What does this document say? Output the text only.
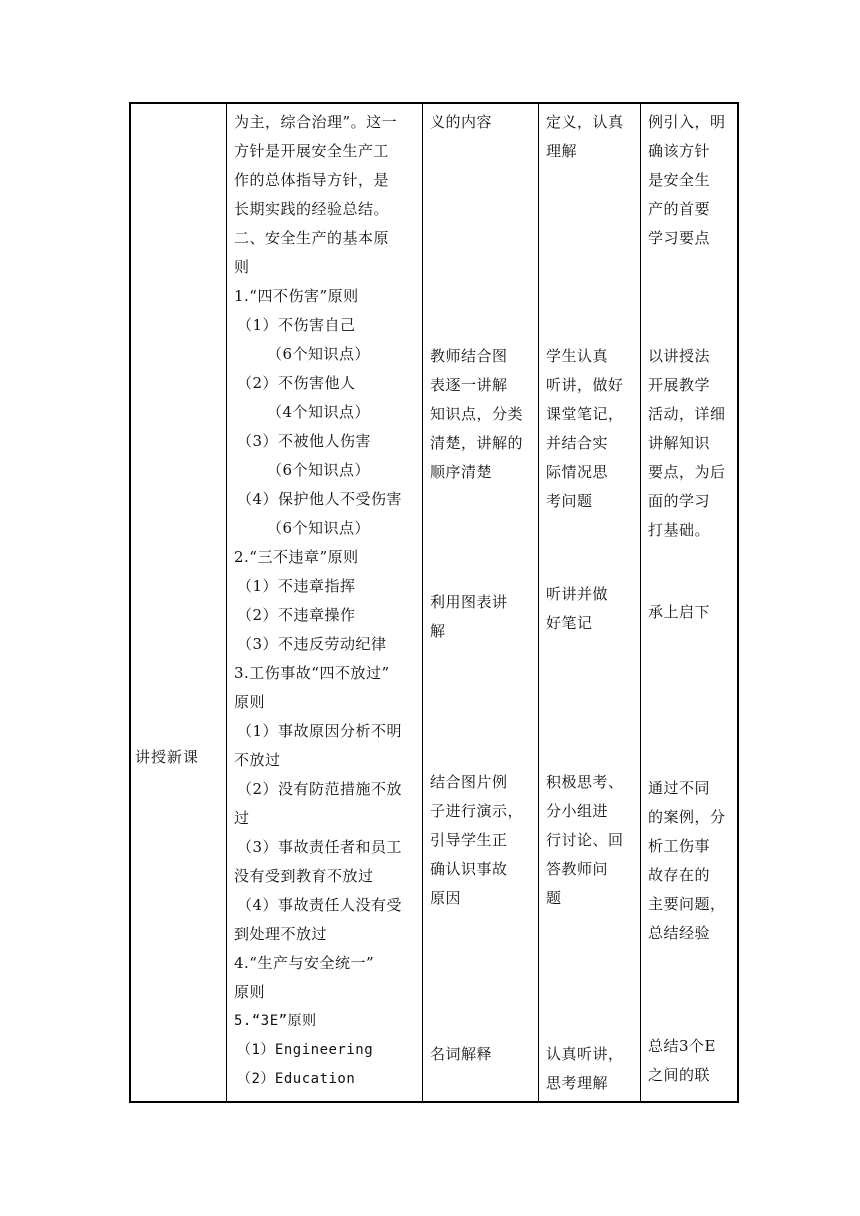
讲授新课
为主，综合治理”。这一
方针是开展安全生产工
作的总体指导方针，是
长期实践的经验总结。
二、安全生产的基本原
则
1.“四不伤害”原则
（1）不伤害自己
（6个知识点）
（2）不伤害他人
（4个知识点）
（3）不被他人伤害
（6个知识点）
（4）保护他人不受伤害
（6个知识点）
2.“三不违章”原则
（1）不违章指挥
（2）不违章操作
（3）不违反劳动纪律
3.工伤事故“四不放过”
原则
（1）事故原因分析不明
不放过
（2）没有防范措施不放
过
（3）事故责任者和员工
没有受到教育不放过
（4）事故责任人没有受
到处理不放过
4.“生产与安全统一”
原则
5.“3E”原则
（1）Engineering
（2）Education
义的内容
教师结合图
表逐一讲解
知识点，分类
清楚，讲解的
顺序清楚
利用图表讲
解
结合图片例
子进行演示，
引导学生正
确认识事故
原因
名词解释
定义，认真
理解
学生认真
听讲，做好
课堂笔记，
并结合实
际情况思
考问题
听讲并做
好笔记
积极思考、
分小组进
行讨论、回
答教师问
题
认真听讲，
思考理解
例引入，明
确该方针
是安全生
产的首要
学习要点
以讲授法
开展教学
活动，详细
讲解知识
要点，为后
面的学习
打基础。
承上启下
通过不同
的案例，分
析工伤事
故存在的
主要问题，
总结经验
总结3个E
之间的联
